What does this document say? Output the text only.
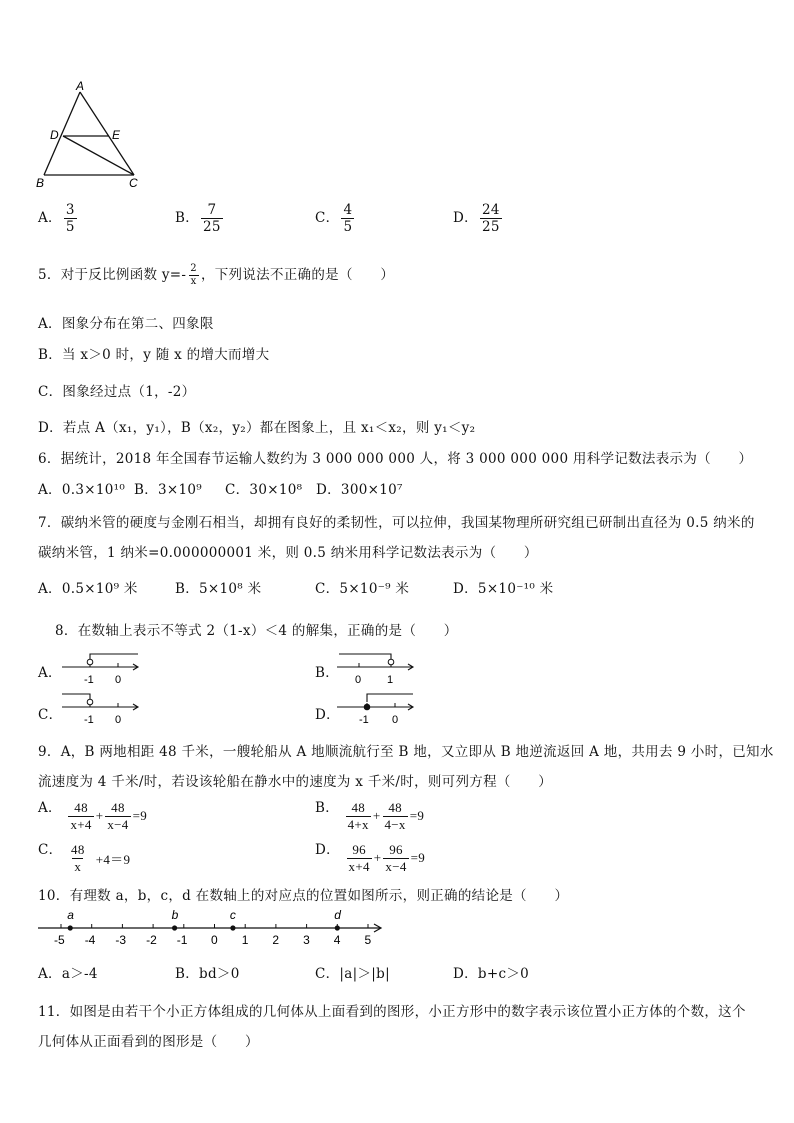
A
D	E
B	C
A． $\frac{3}{5}$	B． $\frac{7}{25}$	C． $\frac{4}{5}$	D． $\frac{24}{25}$
5．对于反比例函数 $y=- \frac{2}{x}$ ，下列说法不正确的是（　　）
A．图象分布在第二、四象限
B．当 x＞0 时，y 随 x 的增大而增大
C．图象经过点（1，-2）
D．若点 A（x₁，y₁），B（x₂，y₂）都在图象上，且 x₁＜x₂，则 y₁＜y₂
6．据统计，2018 年全国春节运输人数约为 3 000 000 000 人，将 3 000 000 000 用科学记数法表示为（　　）
A．0.3×10¹⁰ B．3×10⁹ C．30×10⁸ D．300×10⁷
7．碳纳米管的硬度与金刚石相当，却拥有良好的柔韧性，可以拉伸，我国某物理所研究组已研制出直径为 0.5 纳米的
碳纳米管，1 纳米=0.000000001 米，则 0.5 纳米用科学记数法表示为（　　）
A．0.5×10⁹ 米	B．5×10⁸ 米	C．5×10⁻⁹ 米	D．5×10⁻¹⁰ 米
8．在数轴上表示不等式 2（1-x）＜4 的解集，正确的是（　　）
A． -1 0	B． 0 1
C． -1 0	D． -1 0
9．A，B 两地相距 48 千米，一艘轮船从 A 地顺流航行至 B 地，又立即从 B 地逆流返回 A 地，共用去 9 小时，已知水
流速度为 4 千米/时，若设该轮船在静水中的速度为 x 千米/时，则可列方程（　　）
A． 48
x+4
+ $\frac{48}{x-4} =9$	B． 48
4+x
+ $\frac{48}{4-x} =9$
C． 48
x
+4＝9
D． 96
x+4
+ $\frac{96}{x-4} =9$
10．有理数 a，b，c，d 在数轴上的对应点的位置如图所示，则正确的结论是（　　）
-5 -4 -3 -2 -1 0 1 2 3 4 5
a	b	c	d
A．a＞-4	B．bd＞0	C．|a|＞|b|	D．b+c＞0
11．如图是由若干个小正方体组成的几何体从上面看到的图形，小正方形中的数字表示该位置小正方体的个数，这个
几何体从正面看到的图形是（　　）
